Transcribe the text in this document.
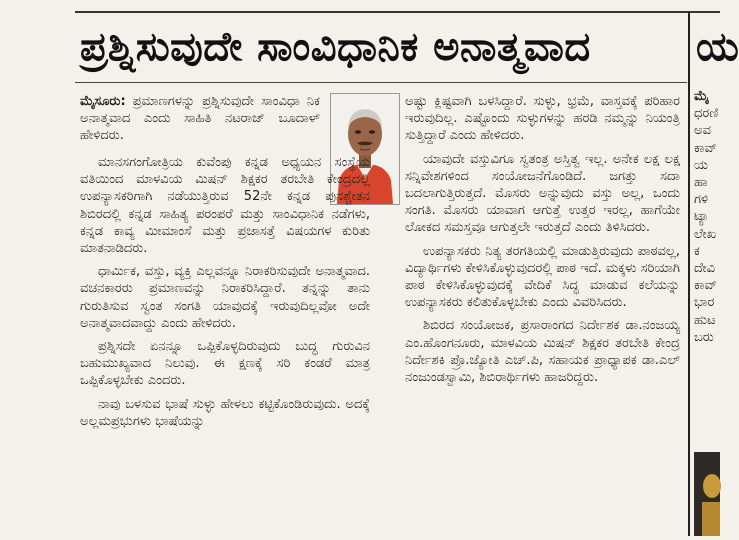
ಪ್ರಶ್ನಿಸುವುದೇ ಸಾಂವಿಧಾನಿಕ ಅನಾತ್ಮವಾದ	ಯ

ಮೈಸೂರು: ಪ್ರಮಾಣಗಳನ್ನು ಪ್ರಶ್ನಿಸುವುದೇ ಸಾಂವಿಧಾ ನಿಕ ಅನಾತ್ಮವಾದ ಎಂದು ಸಾಹಿತಿ ನಟರಾಜ್ ಬೂದಾಳ್ ಹೇಳಿದರು.

ಮಾನಸಗಂಗೋತ್ರಿಯ ಕುವೆಂಪು ಕನ್ನಡ ಅಧ್ಯಯನ ಸಂಸ್ಥೆಯ ವತಿಯಿಂದ ಮಾಳವಿಯ ಮಿಷನ್ ಶಿಕ್ಷಕರ ತರಬೇತಿ ಕೇಂದ್ರದಲ್ಲಿ ಉಪನ್ಯಾಸಕರಿಗಾಗಿ ನಡೆಯುತ್ತಿರುವ 52ನೇ ಕನ್ನಡ ಪುನಶ್ಚೇತನ ಶಿಬಿರದಲ್ಲಿ ಕನ್ನಡ ಸಾಹಿತ್ಯ ಪರಂಪರೆ ಮತ್ತು ಸಾಂವಿಧಾನಿಕ ನಡೆಗಳು, ಕನ್ನಡ ಕಾವ್ಯ ಮೀಮಾಂಸೆ ಮತ್ತು ಪ್ರಜಾಸತ್ತೆ ವಿಷಯಗಳ ಕುರಿತು ಮಾತನಾಡಿದರು.

ಧಾರ್ಮಿಕ, ವಸ್ತು, ವ್ಯಕ್ತಿ ಎಲ್ಲವನ್ನೂ ನಿರಾಕರಿಸುವುದೇ ಅನಾತ್ಮವಾದ. ವಚನಕಾರರು ಪ್ರಮಾಣವನ್ನು ನಿರಾಕರಿಸಿದ್ದಾರೆ. ತನ್ನನ್ನು ತಾನು ಗುರುತಿಸುವ ಸ್ವಂತ ಸಂಗತಿ ಯಾವುದಕ್ಕೆ ಇರುವುದಿಲ್ಲವೋ ಅದೇ ಅನಾತ್ಮವಾದವಾದ್ದು ಎಂದು ಹೇಳಿದರು.

ಪ್ರಶ್ನಿಸದೇ ಏನನ್ನೂ ಒಪ್ಪಿಕೊಳ್ಳದಿರುವುದು ಬುದ್ಧ ಗುರುವಿನ ಬಹುಮುಖ್ಯವಾದ ನಿಲುವು. ಈ ಕ್ಷಣಕ್ಕೆ ಸರಿ ಕಂಡರೆ ಮಾತ್ರ ಒಪ್ಪಿಕೊಳ್ಳಬೇಕು ಎಂದರು.

ನಾವು ಬಳಸುವ ಭಾಷೆ ಸುಳ್ಳು ಹೇಳಲು ಕಟ್ಟಿಕೊಂಡಿರುವುದು. ಅದಕ್ಕೆ ಅಲ್ಲಮಪ್ರಭುಗಳು ಭಾಷೆಯನ್ನು

ಅಷ್ಟು ಕ್ಲಿಷ್ಟವಾಗಿ ಬಳಸಿದ್ದಾರೆ. ಸುಳ್ಳು, ಭ್ರಮೆ, ವಾಸ್ತವಕ್ಕೆ ಪರಿಹಾರ ಇರುವುದಿಲ್ಲ. ಎಷ್ಟೊಂದು ಸುಳ್ಳುಗಳನ್ನು ಹರಡಿ ನಮ್ಮನ್ನು ನಿಯಂತ್ರಿ ಸುತ್ತಿದ್ದಾರೆ ಎಂದು ಹೇಳಿದರು.

ಯಾವುದೇ ವಸ್ತುವಿಗೂ ಸ್ವತಂತ್ರ ಅಸ್ತಿತ್ವ ಇಲ್ಲ. ಅನೇಕ ಲಕ್ಷ ಲಕ್ಷ ಸನ್ನಿವೇಶಗಳಿಂದ ಸಂಯೋಜನೆಗೊಂಡಿದೆ. ಜಗತ್ತು ಸದಾ ಬದಲಾಗುತ್ತಿರುತ್ತದೆ. ಮೊಸರು ಅನ್ನುವುದು ವಸ್ತು ಅಲ್ಲ, ಒಂದು ಸಂಗತಿ. ಮೊಸರು ಯಾವಾಗ ಆಗುತ್ತೆ ಉತ್ತರ ಇರಲ್ಲ, ಹಾಗೆಯೇ ಲೋಕದ ಸಮಸ್ತವೂ ಆಗುತ್ತಲೇ ಇರುತ್ತದೆ ಎಂದು ತಿಳಿಸಿದರು.

ಉಪನ್ಯಾಸಕರು ನಿತ್ಯ ತರಗತಿಯಲ್ಲಿ ಮಾಡುತ್ತಿರುವುದು ಪಾಠವಲ್ಲ, ವಿದ್ಯಾರ್ಥಿಗಳು ಕೇಳಿಸಿಕೊಳ್ಳುವುದರಲ್ಲಿ ಪಾಠ ಇದೆ. ಮಕ್ಕಳು ಸರಿಯಾಗಿ ಪಾಠ ಕೇಳಿಸಿಕೊಳ್ಳುವುದಕ್ಕೆ ವೇದಿಕೆ ಸಿದ್ಧ ಮಾಡುವ ಕಲೆಯನ್ನು ಉಪನ್ಯಾಸಕರು ಕಲಿತುಕೊಳ್ಳಬೇಕು ಎಂದು ವಿವರಿಸಿದರು.

ಶಿಬಿರದ ಸಂಯೋಜಕ, ಪ್ರಸಾರಾಂಗದ ನಿರ್ದೇಶಕ ಡಾ.ನಂಜಯ್ಯ ಎಂ.ಹೊಂಗನೂರು, ಮಾಳವಿಯ ಮಿಷನ್ ಶಿಕ್ಷಕರ ತರಬೇತಿ ಕೇಂದ್ರ ನಿರ್ದೇಶಕಿ ಪ್ರೊ.ಜ್ಯೋತಿ ಎಚ್.ಪಿ, ಸಹಾಯಕ ಪ್ರಾಧ್ಯಾಪಕ ಡಾ.ಎಲ್ ನಂಜುಂಡಸ್ವಾಮಿ, ಶಿಬಿರಾರ್ಥಿಗಳು ಹಾಜರಿದ್ದರು.

ಮೈ
ಧರಣಿ
ಅವ
ಕಾವ್
ಯ
ಹಾ
ಗಳಿ
ಟ್ಯಾ
ಲೇಖ
ಕ
ದೇವಿ
ಕಾವ್
ಭಾರ
ಹುಟ
ಬರು
